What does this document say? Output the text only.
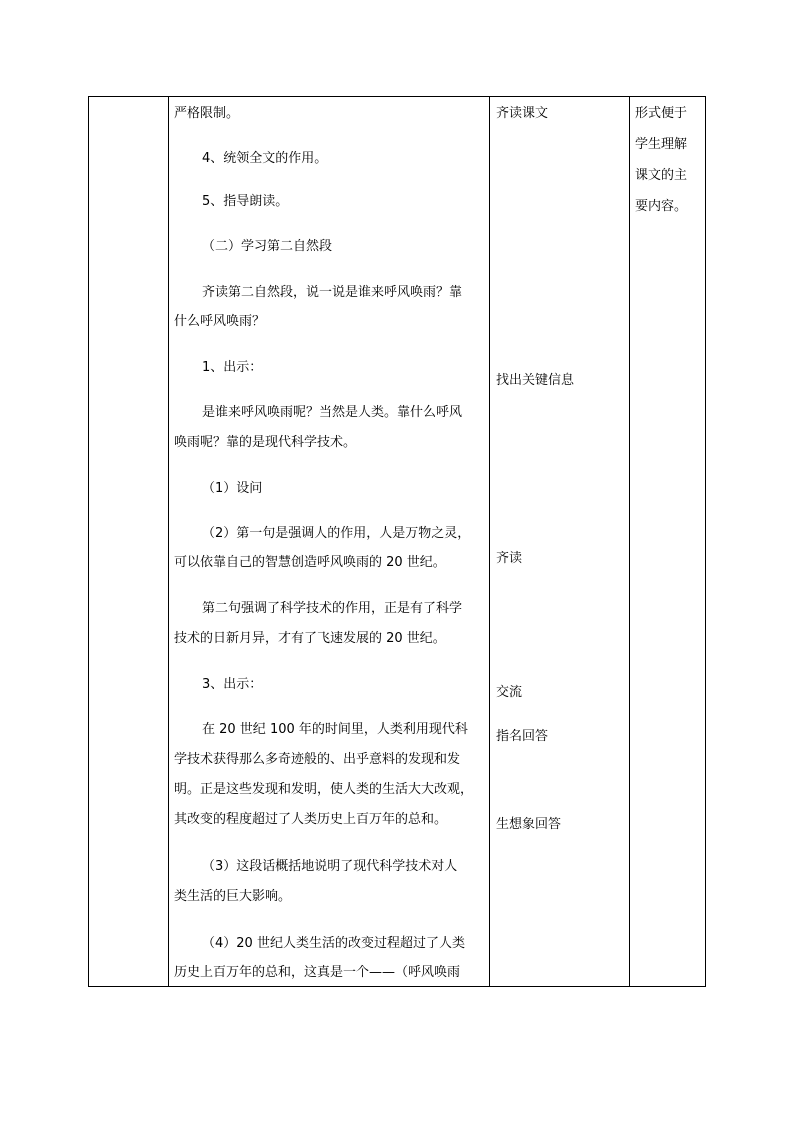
严格限制。
4、统领全文的作用。
5、指导朗读。
（二）学习第二自然段
齐读第二自然段，说一说是谁来呼风唤雨？靠
什么呼风唤雨？
1、出示：
是谁来呼风唤雨呢？当然是人类。靠什么呼风
唤雨呢？靠的是现代科学技术。
（1）设问
（2）第一句是强调人的作用，人是万物之灵，
可以依靠自己的智慧创造呼风唤雨的 20 世纪。
第二句强调了科学技术的作用，正是有了科学
技术的日新月异，才有了飞速发展的 20 世纪。
3、出示：
在 20 世纪 100 年的时间里，人类利用现代科
学技术获得那么多奇迹般的、出乎意料的发现和发
明。正是这些发现和发明，使人类的生活大大改观，
其改变的程度超过了人类历史上百万年的总和。
（3）这段话概括地说明了现代科学技术对人
类生活的巨大影响。
（4）20 世纪人类生活的改变过程超过了人类
历史上百万年的总和，这真是一个——（呼风唤雨
齐读课文
找出关键信息
齐读
交流
指名回答
生想象回答
形式便于
学生理解
课文的主
要内容。
